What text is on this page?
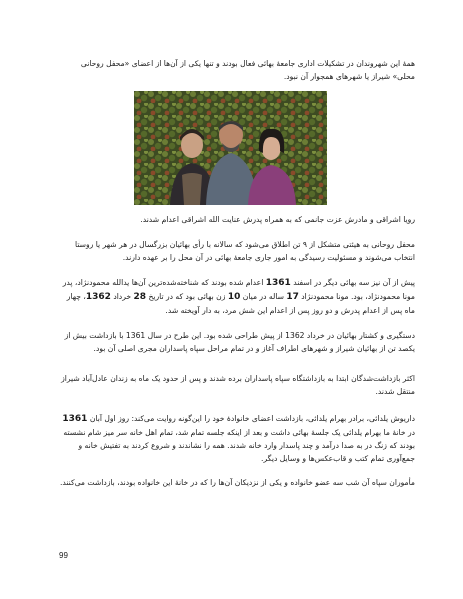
همهٔ این شهروندان در تشکیلات اداری جامعهٔ بهائی فعال بودند و تنها یکی از آن‌ها از اعضای «محفل روحانی محلی» شیراز یا شهرهای همجوار آن نبود.

رویا اشراقی و مادرش عزت جانمی که به همراه پدرش عنایت الله اشراقی اعدام شدند.

محفل روحانی به هیئتی متشکل از ۹ تن اطلاق می‌شود که سالانه با رأی بهائیان بزرگسال در هر شهر یا روستا انتخاب می‌شوند و مسئولیت رسیدگی به امور جاری جامعهٔ بهائی در آن محل را بر عهده دارند.

پیش از آن نیز سه بهائی دیگر در اسفند 1361 اعدام شده بودند که شناخته‌شده‌ترین آن‌ها یدالله محمودنژاد، پدر مونا محمودنژاد، بود. مونا محمودنژاد 17 ساله در میان 10 زن بهائی بود که در تاریخ 28 خرداد 1362، چهار ماه پس از اعدام پدرش و دو روز پس از اعدام این شش مرد، به دار آویخته شد.

دستگیری و کشتار بهائیان در خرداد 1362 از پیش طراحی شده بود. این طرح در سال 1361 با بازداشت بیش از یکصد تن از بهائیان شیراز و شهرهای اطراف آغاز و در تمام مراحل سپاه پاسداران مجری اصلی آن بود.

اکثر بازداشت‌شدگان ابتدا به بازداشتگاه سپاه پاسداران برده شدند و پس از حدود یک ماه به زندان عادل‌آباد شیراز منتقل شدند.

داریوش یلدائی، برادر بهرام یلدائی، بازداشت اعضای خانوادهٔ خود را این‌گونه روایت می‌کند: روز اول آبان 1361 در خانهٔ ما بهرام یلدائی یک جلسهٔ بهائی داشت و بعد از اینکه جلسه تمام شد، تمام اهل خانه سر میز شام نشسته بودند که زنگ در به صدا درآمد و چند پاسدار وارد خانه شدند. همه را نشاندند و شروع کردند به تفتیش خانه و جمع‌آوری تمام کتب و قاب‌عکس‌ها و وسایل دیگر.

مأموران سپاه آن شب سه عضو خانواده و یکی از نزدیکان آن‌ها را که در خانهٔ این خانواده بودند، بازداشت می‌کنند.

99
